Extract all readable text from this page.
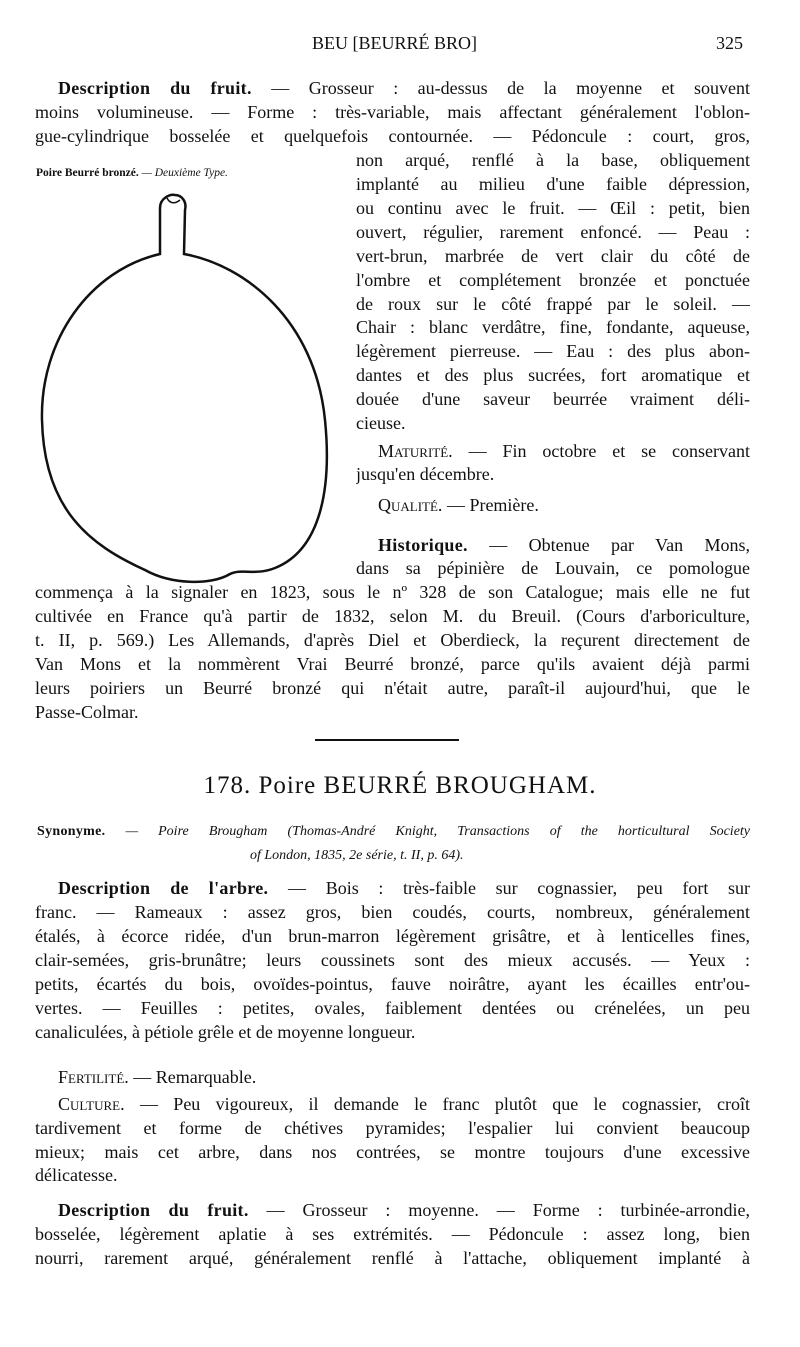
BEU [BEURRÉ BRO]	325
Description du fruit. — Grosseur : au-dessus de la moyenne et souvent
moins volumineuse. — Forme : très-variable, mais affectant généralement l'oblon-
gue-cylindrique bosselée et quelquefois contournée. — Pédoncule : court, gros,
Poire Beurré bronzé. — Deuxième Type.
non arqué, renflé à la base, obliquement
implanté au milieu d'une faible dépression,
ou continu avec le fruit. — Œil : petit, bien
ouvert, régulier, rarement enfoncé. — Peau :
vert-brun, marbrée de vert clair du côté de
l'ombre et complétement bronzée et ponctuée
de roux sur le côté frappé par le soleil. —
Chair : blanc verdâtre, fine, fondante, aqueuse,
légèrement pierreuse. — Eau : des plus abon-
dantes et des plus sucrées, fort aromatique et
douée d'une saveur beurrée vraiment déli-
cieuse.
Maturité. — Fin octobre et se conservant
jusqu'en décembre.
Qualité. — Première.
Historique. — Obtenue par Van Mons,
dans sa pépinière de Louvain, ce pomologue
commença à la signaler en 1823, sous le nº 328 de son Catalogue; mais elle ne fut
cultivée en France qu'à partir de 1832, selon M. du Breuil. (Cours d'arboriculture,
t. II, p. 569.) Les Allemands, d'après Diel et Oberdieck, la reçurent directement de
Van Mons et la nommèrent Vrai Beurré bronzé, parce qu'ils avaient déjà parmi
leurs poiriers un Beurré bronzé qui n'était autre, paraît-il aujourd'hui, que le
Passe-Colmar.
178. Poire BEURRÉ BROUGHAM.
Synonyme. — Poire Brougham (Thomas-André Knight, Transactions of the horticultural Society
of London, 1835, 2e série, t. II, p. 64).
Description de l'arbre. — Bois : très-faible sur cognassier, peu fort sur
franc. — Rameaux : assez gros, bien coudés, courts, nombreux, généralement
étalés, à écorce ridée, d'un brun-marron légèrement grisâtre, et à lenticelles fines,
clair-semées, gris-brunâtre; leurs coussinets sont des mieux accusés. — Yeux :
petits, écartés du bois, ovoïdes-pointus, fauve noirâtre, ayant les écailles entr'ou-
vertes. — Feuilles : petites, ovales, faiblement dentées ou crénelées, un peu
canaliculées, à pétiole grêle et de moyenne longueur.
Fertilité. — Remarquable.
Culture. — Peu vigoureux, il demande le franc plutôt que le cognassier, croît
tardivement et forme de chétives pyramides; l'espalier lui convient beaucoup
mieux; mais cet arbre, dans nos contrées, se montre toujours d'une excessive
délicatesse.
Description du fruit. — Grosseur : moyenne. — Forme : turbinée-arrondie,
bosselée, légèrement aplatie à ses extrémités. — Pédoncule : assez long, bien
nourri, rarement arqué, généralement renflé à l'attache, obliquement implanté à
